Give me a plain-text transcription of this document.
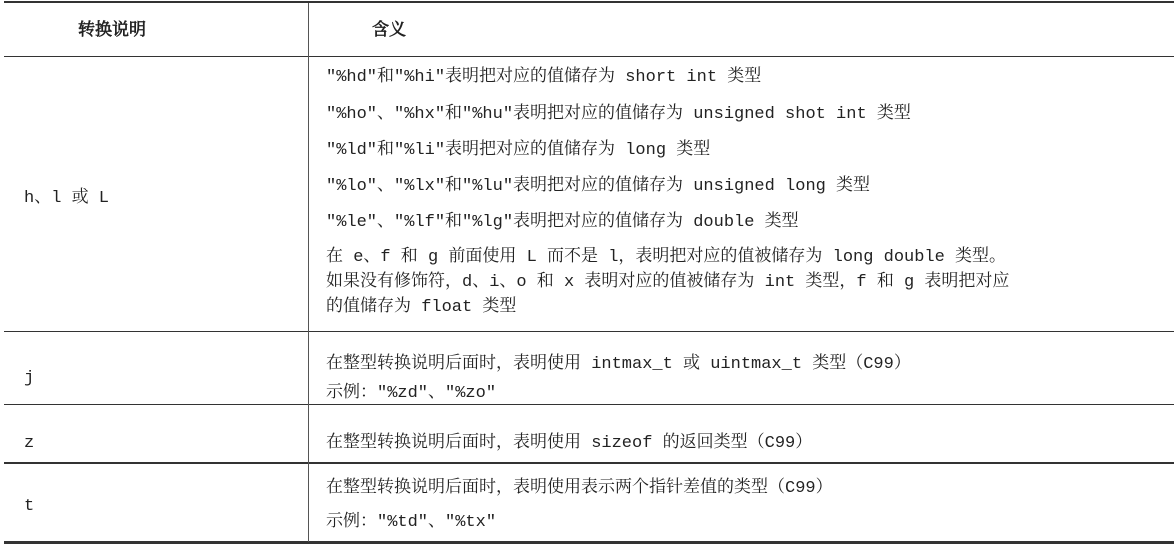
转换说明	含义
h、l 或 L
"%hd"和"%hi"表明把对应的值储存为 short int 类型
"%ho"、"%hx"和"%hu"表明把对应的值储存为 unsigned shot int 类型
"%ld"和"%li"表明把对应的值储存为 long 类型
"%lo"、"%lx"和"%lu"表明把对应的值储存为 unsigned long 类型
"%le"、"%lf"和"%lg"表明把对应的值储存为 double 类型
在 e、f 和 g 前面使用 L 而不是 l，表明把对应的值被储存为 long double 类型。
如果没有修饰符，d、i、o 和 x 表明对应的值被储存为 int 类型，f 和 g 表明把对应
的值储存为 float 类型
j
在整型转换说明后面时，表明使用 intmax_t 或 uintmax_t 类型（C99）
示例："%zd"、"%zo"
z	在整型转换说明后面时，表明使用 sizeof 的返回类型（C99）
t
在整型转换说明后面时，表明使用表示两个指针差值的类型（C99）
示例："%td"、"%tx"
